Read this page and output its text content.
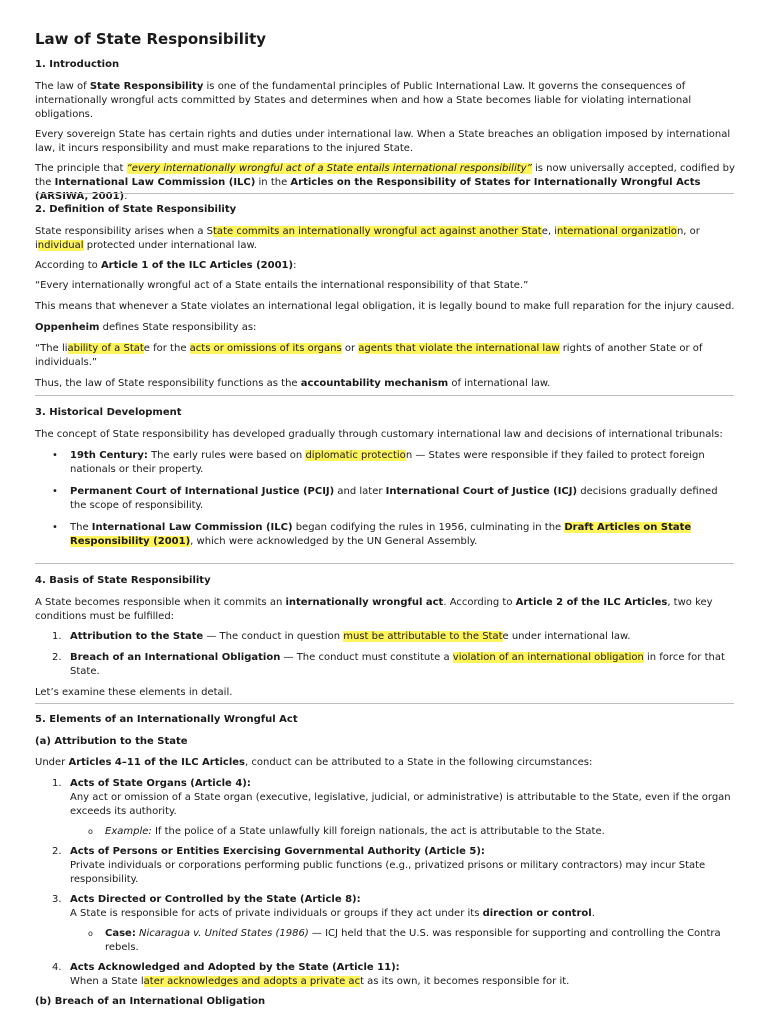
Law of State Responsibility

1. Introduction

The law of State Responsibility is one of the fundamental principles of Public International Law. It governs the consequences of internationally wrongful acts committed by States and determines when and how a State becomes liable for violating international obligations.

Every sovereign State has certain rights and duties under international law. When a State breaches an obligation imposed by international law, it incurs responsibility and must make reparations to the injured State.

The principle that “every internationally wrongful act of a State entails international responsibility” is now universally accepted, codified by the International Law Commission (ILC) in the Articles on the Responsibility of States for Internationally Wrongful Acts (ARSIWA, 2001).

2. Definition of State Responsibility

State responsibility arises when a State commits an internationally wrongful act against another State, international organization, or individual protected under international law.

According to Article 1 of the ILC Articles (2001):

“Every internationally wrongful act of a State entails the international responsibility of that State.”

This means that whenever a State violates an international legal obligation, it is legally bound to make full reparation for the injury caused.

Oppenheim defines State responsibility as:

“The liability of a State for the acts or omissions of its organs or agents that violate the international law rights of another State or of individuals.”

Thus, the law of State responsibility functions as the accountability mechanism of international law.

3. Historical Development

The concept of State responsibility has developed gradually through customary international law and decisions of international tribunals:

• 19th Century: The early rules were based on diplomatic protection — States were responsible if they failed to protect foreign nationals or their property.
• Permanent Court of International Justice (PCIJ) and later International Court of Justice (ICJ) decisions gradually defined the scope of responsibility.
• The International Law Commission (ILC) began codifying the rules in 1956, culminating in the Draft Articles on State Responsibility (2001), which were acknowledged by the UN General Assembly.

4. Basis of State Responsibility

A State becomes responsible when it commits an internationally wrongful act. According to Article 2 of the ILC Articles, two key conditions must be fulfilled:

1. Attribution to the State — The conduct in question must be attributable to the State under international law.
2. Breach of an International Obligation — The conduct must constitute a violation of an international obligation in force for that State.

Let’s examine these elements in detail.

5. Elements of an Internationally Wrongful Act

(a) Attribution to the State

Under Articles 4–11 of the ILC Articles, conduct can be attributed to a State in the following circumstances:

1. Acts of State Organs (Article 4):
Any act or omission of a State organ (executive, legislative, judicial, or administrative) is attributable to the State, even if the organ exceeds its authority.
o Example: If the police of a State unlawfully kill foreign nationals, the act is attributable to the State.
2. Acts of Persons or Entities Exercising Governmental Authority (Article 5):
Private individuals or corporations performing public functions (e.g., privatized prisons or military contractors) may incur State responsibility.
3. Acts Directed or Controlled by the State (Article 8):
A State is responsible for acts of private individuals or groups if they act under its direction or control.
o Case: Nicaragua v. United States (1986) — ICJ held that the U.S. was responsible for supporting and controlling the Contra rebels.
4. Acts Acknowledged and Adopted by the State (Article 11):
When a State later acknowledges and adopts a private act as its own, it becomes responsible for it.

(b) Breach of an International Obligation
